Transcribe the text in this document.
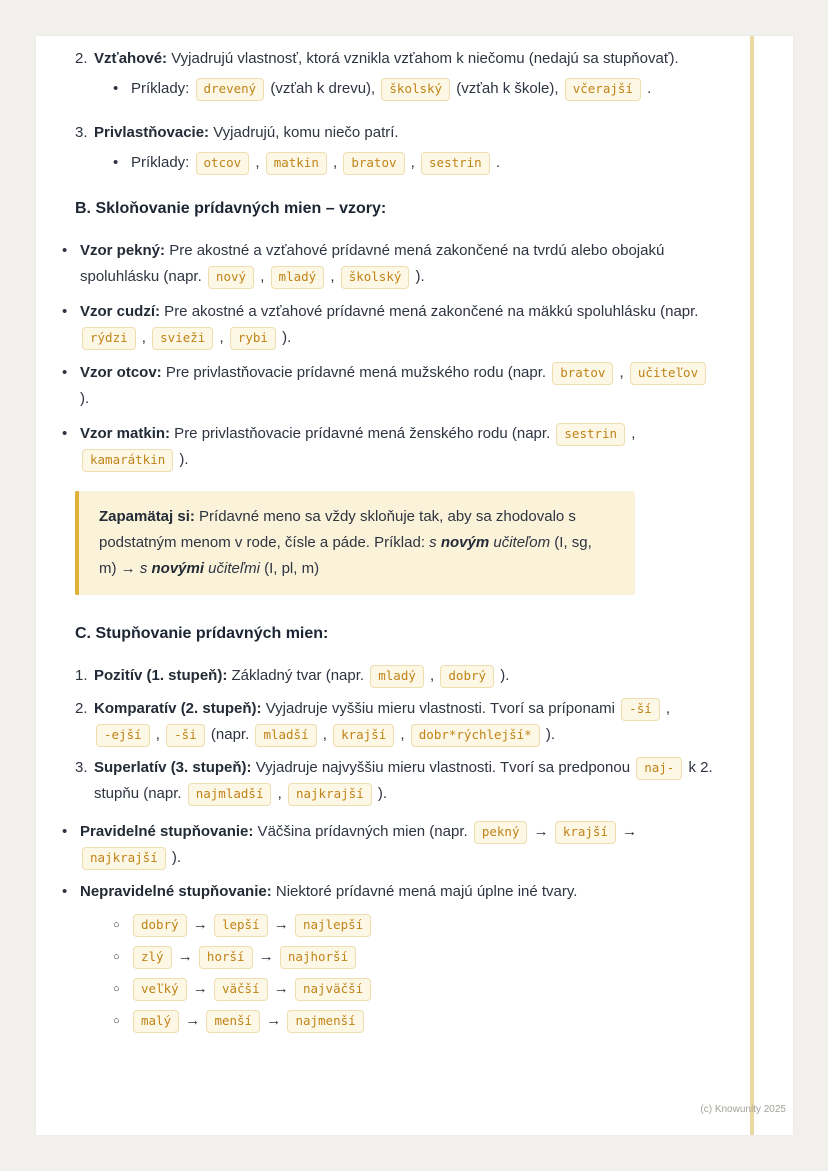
2. Vzťahové: Vyjadrujú vlastnosť, ktorá vznikla vzťahom k niečomu (nedajú sa stupňovať).
• Príklady: drevený (vzťah k drevu), školský (vzťah k škole), včerajší .
3. Privlastňovacie: Vyjadrujú, komu niečo patrí.
• Príklady: otcov , matkin , bratov , sestrin .
B. Skloňovanie prídavných mien – vzory:
• Vzor pekný: Pre akostné a vzťahové prídavné mená zakončené na tvrdú alebo obojakú spoluhlásku (napr. nový , mladý , školský ).
• Vzor cudzí: Pre akostné a vzťahové prídavné mená zakončené na mäkkú spoluhlásku (napr. rýdzi , svieži , rybi ).
• Vzor otcov: Pre privlastňovacie prídavné mená mužského rodu (napr. bratov , učiteľov ).
• Vzor matkin: Pre privlastňovacie prídavné mená ženského rodu (napr. sestrin , kamarátkin ).
Zapamätaj si: Prídavné meno sa vždy skloňuje tak, aby sa zhodovalo s podstatným menom v rode, čísle a páde. Príklad: s novým učiteľom (I, sg, m) → s novými učiteľmi (I, pl, m)
C. Stupňovanie prídavných mien:
1. Pozitív (1. stupeň): Základný tvar (napr. mladý , dobrý ).
2. Komparatív (2. stupeň): Vyjadruje vyššiu mieru vlastnosti. Tvorí sa príponami -ší , -ejší , -ši (napr. mladší , krajší , dobr*rýchlejší* ).
3. Superlatív (3. stupeň): Vyjadruje najvyššiu mieru vlastnosti. Tvorí sa predponou naj- k 2. stupňu (napr. najmladší , najkrajší ).
• Pravidelné stupňovanie: Väčšina prídavných mien (napr. pekný → krajší → najkrajší ).
• Nepravidelné stupňovanie: Niektoré prídavné mená majú úplne iné tvary.
○	dobrý → lepší → najlepší
○	zlý → horší → najhorší
○	veľký → väčší → najväčší
○	malý → menší → najmenší
(c) Knowunity 2025
